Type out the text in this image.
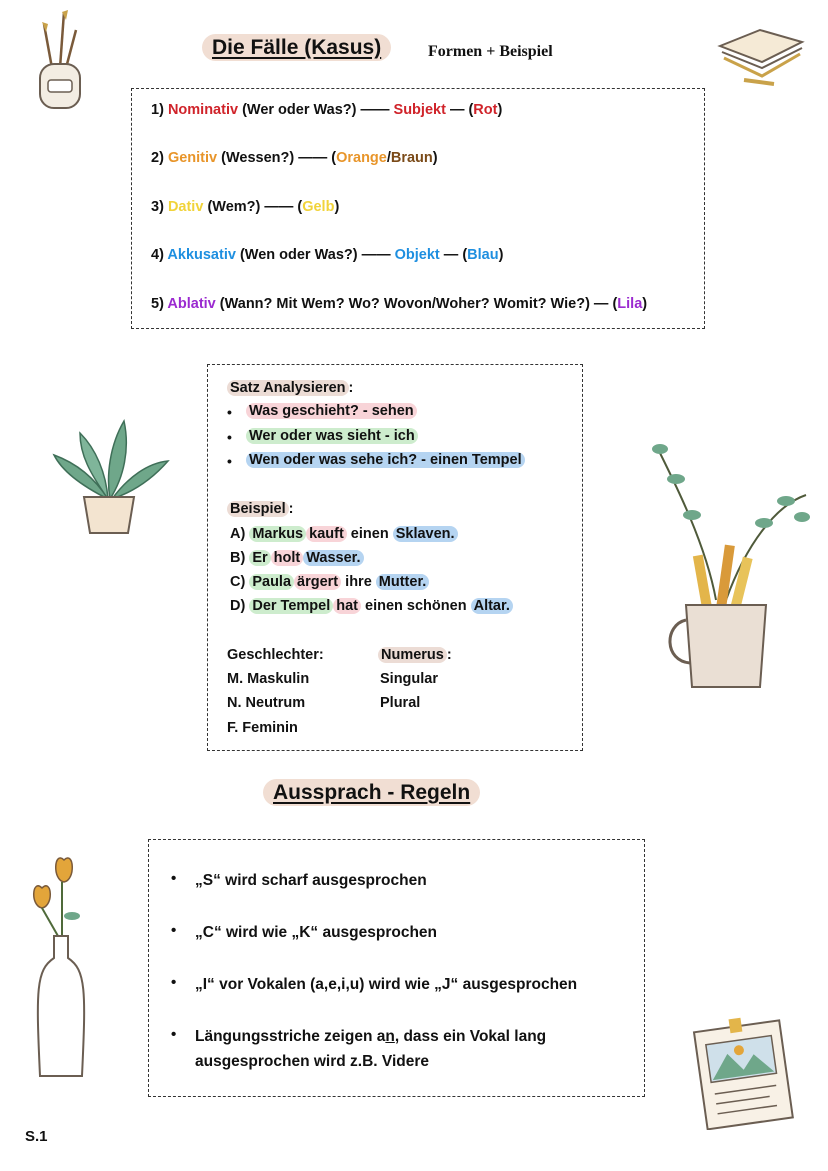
Die Fälle (Kasus)	Formen + Beispiel
1) Nominativ (Wer oder Was?) —— Subjekt — (Rot)
2) Genitiv (Wessen?) —— (Orange/Braun)
3) Dativ (Wem?) —— (Gelb)
4) Akkusativ (Wen oder Was?) —— Objekt — (Blau)
5) Ablativ (Wann? Mit Wem? Wo? Wovon/Woher? Womit? Wie?) — (Lila)
Satz Analysieren :
• Was geschieht? - sehen
• Wer oder was sieht - ich
• Wen oder was sehe ich? - einen Tempel
Beispiel :
A) Markus kauft einen Sklaven.
B) Er holt Wasser.
C) Paula ärgert ihre Mutter.
D) Der Tempel hat einen schönen Altar.
Geschlechter:
M. Maskulin
N. Neutrum
F. Feminin
Numerus :
Singular
Plural
Aussprach - Regeln
• „S“ wird scharf ausgesprochen
• „C“ wird wie „K“ ausgesprochen
• „I“ vor Vokalen (a,e,i,u) wird wie „J“ ausgesprochen
• Längungsstriche zeigen an, dass ein Vokal lang
ausgesprochen wird z.B. Videre
S.1
